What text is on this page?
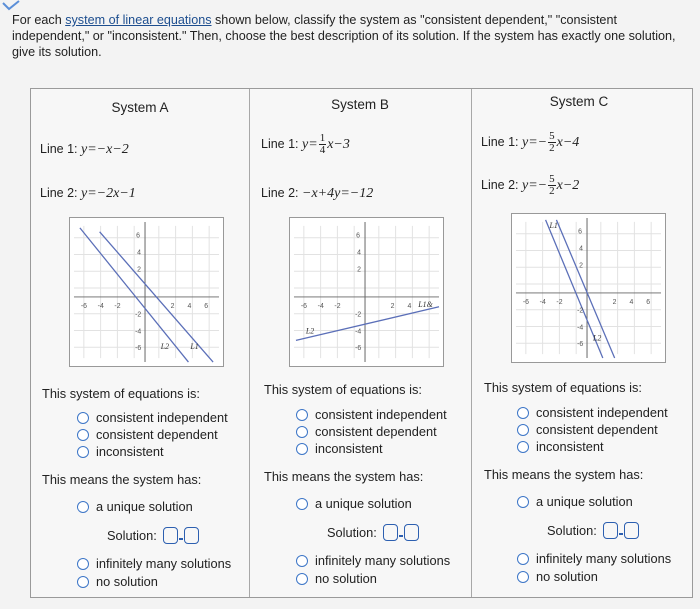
For each system of linear equations shown below, classify the system as "consistent dependent," "consistent independent," or "inconsistent." Then, choose the best description of its solution. If the system has exactly one solution, give its solution.
System A
Line 1: y=−x−2
Line 2: y=−2x−1
6
4
2
-6 -4 -2	2 4 6
-2
-4
-6 L2	L1
This system of equations is:
consistent independent
consistent dependent
inconsistent
This means the system has:
a unique solution
Solution:
infinitely many solutions
no solution
System B
Line 1: $y= \frac{1}{4} x-3$
Line 2: −x+4y=−12
6
4
2
-6 -4 -2	2 4
-2
-4
-6
L2
L1&
This system of equations is:
consistent independent
consistent dependent
inconsistent
This means the system has:
a unique solution
Solution:
infinitely many solutions
no solution
System C
Line 1: $y=- \frac{5}{2} x-4$
Line 2: $y=- \frac{5}{2} x-2$
6
4
2
-6 -4 -2	2 4 6
-2
-4
-6
L1
L2
This system of equations is:
consistent independent
consistent dependent
inconsistent
This means the system has:
a unique solution
Solution:
infinitely many solutions
no solution
